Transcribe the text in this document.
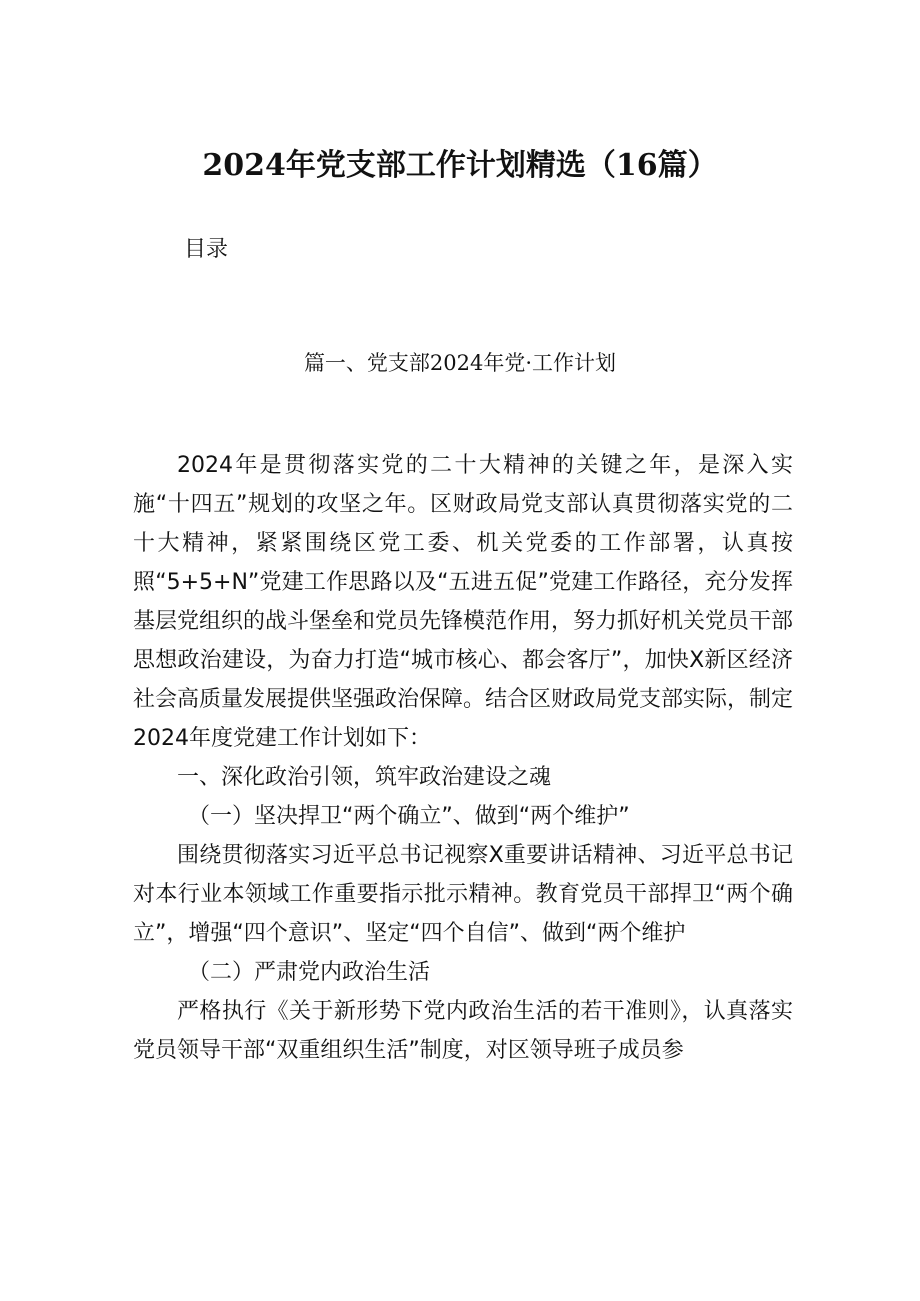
2024年党支部工作计划精选（16篇）
目录
篇一、党支部2024年党·工作计划

2024年是贯彻落实党的二十大精神的关键之年，是深入实施“十四五”规划的攻坚之年。区财政局党支部认真贯彻落实党的二十大精神，紧紧围绕区党工委、机关党委的工作部署，认真按照“5+5+N”党建工作思路以及“五进五促”党建工作路径，充分发挥基层党组织的战斗堡垒和党员先锋模范作用，努力抓好机关党员干部思想政治建设，为奋力打造“城市核心、都会客厅”，加快X新区经济社会高质量发展提供坚强政治保障。结合区财政局党支部实际，制定2024年度党建工作计划如下：

一、深化政治引领，筑牢政治建设之魂

（一）坚决捍卫“两个确立”、做到“两个维护”

围绕贯彻落实习近平总书记视察X重要讲话精神、习近平总书记对本行业本领域工作重要指示批示精神。教育党员干部捍卫“两个确立”，增强“四个意识”、坚定“四个自信”、做到“两个维护

（二）严肃党内政治生活

严格执行《关于新形势下党内政治生活的若干准则》，认真落实党员领导干部“双重组织生活”制度，对区领导班子成员参
